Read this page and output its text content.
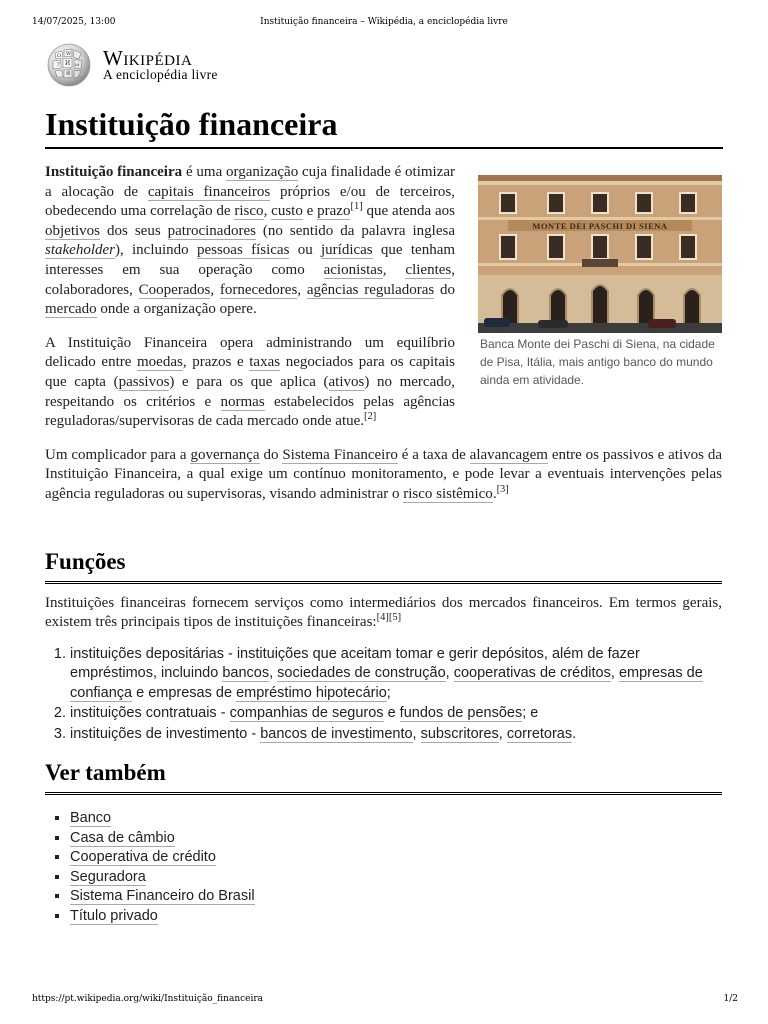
14/07/2025, 13:00	Instituição financeira – Wikipédia, a enciclopédia livre
Ω W
И
ア	ω
維
Wikipédia
A enciclopédia livre
Instituição financeira
MONTE DEI PASCHI DI SIENA
Banca Monte dei Paschi di Siena, na cidade de Pisa, Itália, mais antigo banco do mundo ainda em atividade.

Instituição financeira é uma organização cuja finalidade é otimizar a alocação de capitais financeiros próprios e/ou de terceiros, obedecendo uma correlação de risco, custo e prazo[1] que atenda aos objetivos dos seus patrocinadores (no sentido da palavra inglesa stakeholder), incluindo pessoas físicas ou jurídicas que tenham interesses em sua operação como acionistas, clientes, colaboradores, Cooperados, fornecedores, agências reguladoras do mercado onde a organização opere.

A Instituição Financeira opera administrando um equilíbrio delicado entre moedas, prazos e taxas negociados para os capitais que capta (passivos) e para os que aplica (ativos) no mercado, respeitando os critérios e normas estabelecidos pelas agências reguladoras/supervisoras de cada mercado onde atue.[2]

Um complicador para a governança do Sistema Financeiro é a taxa de alavancagem entre os passivos e ativos da Instituição Financeira, a qual exige um contínuo monitoramento, e pode levar a eventuais intervenções pelas agência reguladoras ou supervisoras, visando administrar o risco sistêmico.[3]

Funções

Instituições financeiras fornecem serviços como intermediários dos mercados financeiros. Em termos gerais, existem três principais tipos de instituições financeiras:[4][5]

1. instituições depositárias - instituições que aceitam tomar e gerir depósitos, além de fazer empréstimos, incluindo bancos, sociedades de construção, cooperativas de créditos, empresas de confiança e empresas de empréstimo hipotecário;
2. instituições contratuais - companhias de seguros e fundos de pensões; e
3. instituições de investimento - bancos de investimento, subscritores, corretoras.
Ver também
▪ Banco
▪ Casa de câmbio
▪ Cooperativa de crédito
▪ Seguradora
▪ Sistema Financeiro do Brasil
▪ Título privado
https://pt.wikipedia.org/wiki/Instituição_financeira	1/2
